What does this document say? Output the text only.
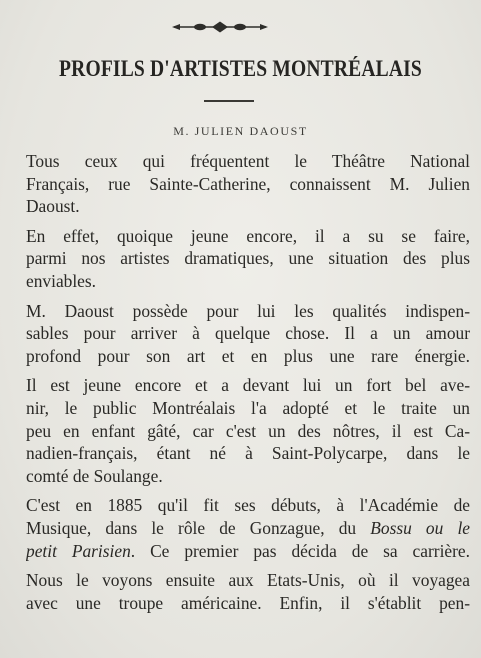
PROFILS D'ARTISTES MONTRÉALAIS
M. JULIEN DAOUST

Tous ceux qui fréquentent le Théâtre National
Français, rue Sainte-Catherine, connaissent M. Julien
Daoust.

En effet, quoique jeune encore, il a su se faire,
parmi nos artistes dramatiques, une situation des plus
enviables.

M. Daoust possède pour lui les qualités indispen-
sables pour arriver à quelque chose. Il a un amour
profond pour son art et en plus une rare énergie.

Il est jeune encore et a devant lui un fort bel ave-
nir, le public Montréalais l'a adopté et le traite un
peu en enfant gâté, car c'est un des nôtres, il est Ca-
nadien-français, étant né à Saint-Polycarpe, dans le
comté de Soulange.

C'est en 1885 qu'il fit ses débuts, à l'Académie de
Musique, dans le rôle de Gonzague, du Bossu ou le
petit Parisien. Ce premier pas décida de sa carrière.

Nous le voyons ensuite aux Etats-Unis, où il voyagea
avec une troupe américaine. Enfin, il s'établit pen-
